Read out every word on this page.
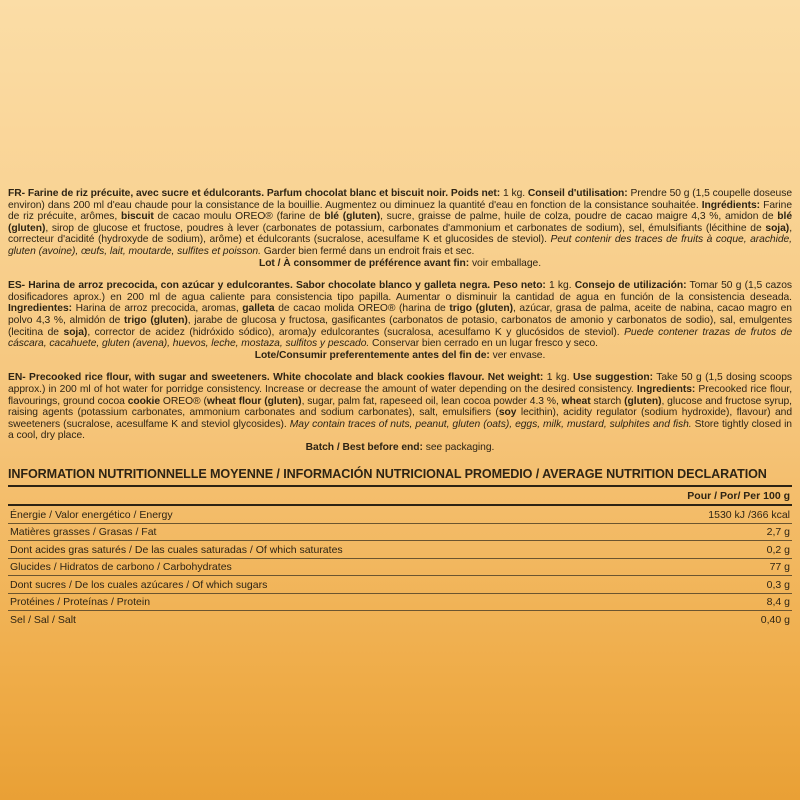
FR- Farine de riz précuite, avec sucre et édulcorants. Parfum chocolat blanc et biscuit noir. Poids net: 1 kg. Conseil d'utilisation: Prendre 50 g (1,5 coupelle doseuse environ) dans 200 ml d'eau chaude pour la consistance de la bouillie. Augmentez ou diminuez la quantité d'eau en fonction de la consistance souhaitée. Ingrédients: Farine de riz précuite, arômes, biscuit de cacao moulu OREO® (farine de blé (gluten), sucre, graisse de palme, huile de colza, poudre de cacao maigre 4,3 %, amidon de blé (gluten), sirop de glucose et fructose, poudres à lever (carbonates de potassium, carbonates d'ammonium et carbonates de sodium), sel, émulsifiants (lécithine de soja), correcteur d'acidité (hydroxyde de sodium), arôme) et édulcorants (sucralose, acesulfame K et glucosides de steviol). Peut contenir des traces de fruits à coque, arachide, gluten (avoine), œufs, lait, moutarde, sulfites et poisson. Garder bien fermé dans un endroit frais et sec.
Lot / À consommer de préférence avant fin: voir emballage.
ES- Harina de arroz precocida, con azúcar y edulcorantes. Sabor chocolate blanco y galleta negra. Peso neto: 1 kg. Consejo de utilización: Tomar 50 g (1,5 cazos dosificadores aprox.) en 200 ml de agua caliente para consistencia tipo papilla. Aumentar o disminuir la cantidad de agua en función de la consistencia deseada. Ingredientes: Harina de arroz precocida, aromas, galleta de cacao molida OREO® (harina de trigo (gluten), azúcar, grasa de palma, aceite de nabina, cacao magro en polvo 4,3 %, almidón de trigo (gluten), jarabe de glucosa y fructosa, gasificantes (carbonatos de potasio, carbonatos de amonio y carbonatos de sodio), sal, emulgentes (lecitina de soja), corrector de acidez (hidróxido sódico), aroma)y edulcorantes (sucralosa, acesulfamo K y glucósidos de steviol). Puede contener trazas de frutos de cáscara, cacahuete, gluten (avena), huevos, leche, mostaza, sulfitos y pescado. Conservar bien cerrado en un lugar fresco y seco.
Lote/Consumir preferentemente antes del fin de: ver envase.
EN- Precooked rice flour, with sugar and sweeteners. White chocolate and black cookies flavour. Net weight: 1 kg. Use suggestion: Take 50 g (1,5 dosing scoops approx.) in 200 ml of hot water for porridge consistency. Increase or decrease the amount of water depending on the desired consistency. Ingredients: Precooked rice flour, flavourings, ground cocoa cookie OREO® (wheat flour (gluten), sugar, palm fat, rapeseed oil, lean cocoa powder 4.3 %, wheat starch (gluten), glucose and fructose syrup, raising agents (potassium carbonates, ammonium carbonates and sodium carbonates), salt, emulsifiers (soy lecithin), acidity regulator (sodium hydroxide), flavour) and sweeteners (sucralose, acesulfame K and steviol glycosides). May contain traces of nuts, peanut, gluten (oats), eggs, milk, mustard, sulphites and fish. Store tightly closed in a cool, dry place.
Batch / Best before end: see packaging.
INFORMATION NUTRITIONNELLE MOYENNE / INFORMACIÓN NUTRICIONAL PROMEDIO / AVERAGE NUTRITION DECLARATION
	Pour / Por/ Per 100 g
Énergie / Valor energético / Energy	1530 kJ /366 kcal
Matières grasses / Grasas / Fat	2,7 g
Dont acides gras saturés / De las cuales saturadas / Of which saturates	0,2 g
Glucides / Hidratos de carbono / Carbohydrates	77 g
Dont sucres / De los cuales azúcares / Of which sugars	0,3 g
Protéines / Proteínas / Protein	8,4 g
Sel / Sal / Salt	0,40 g
